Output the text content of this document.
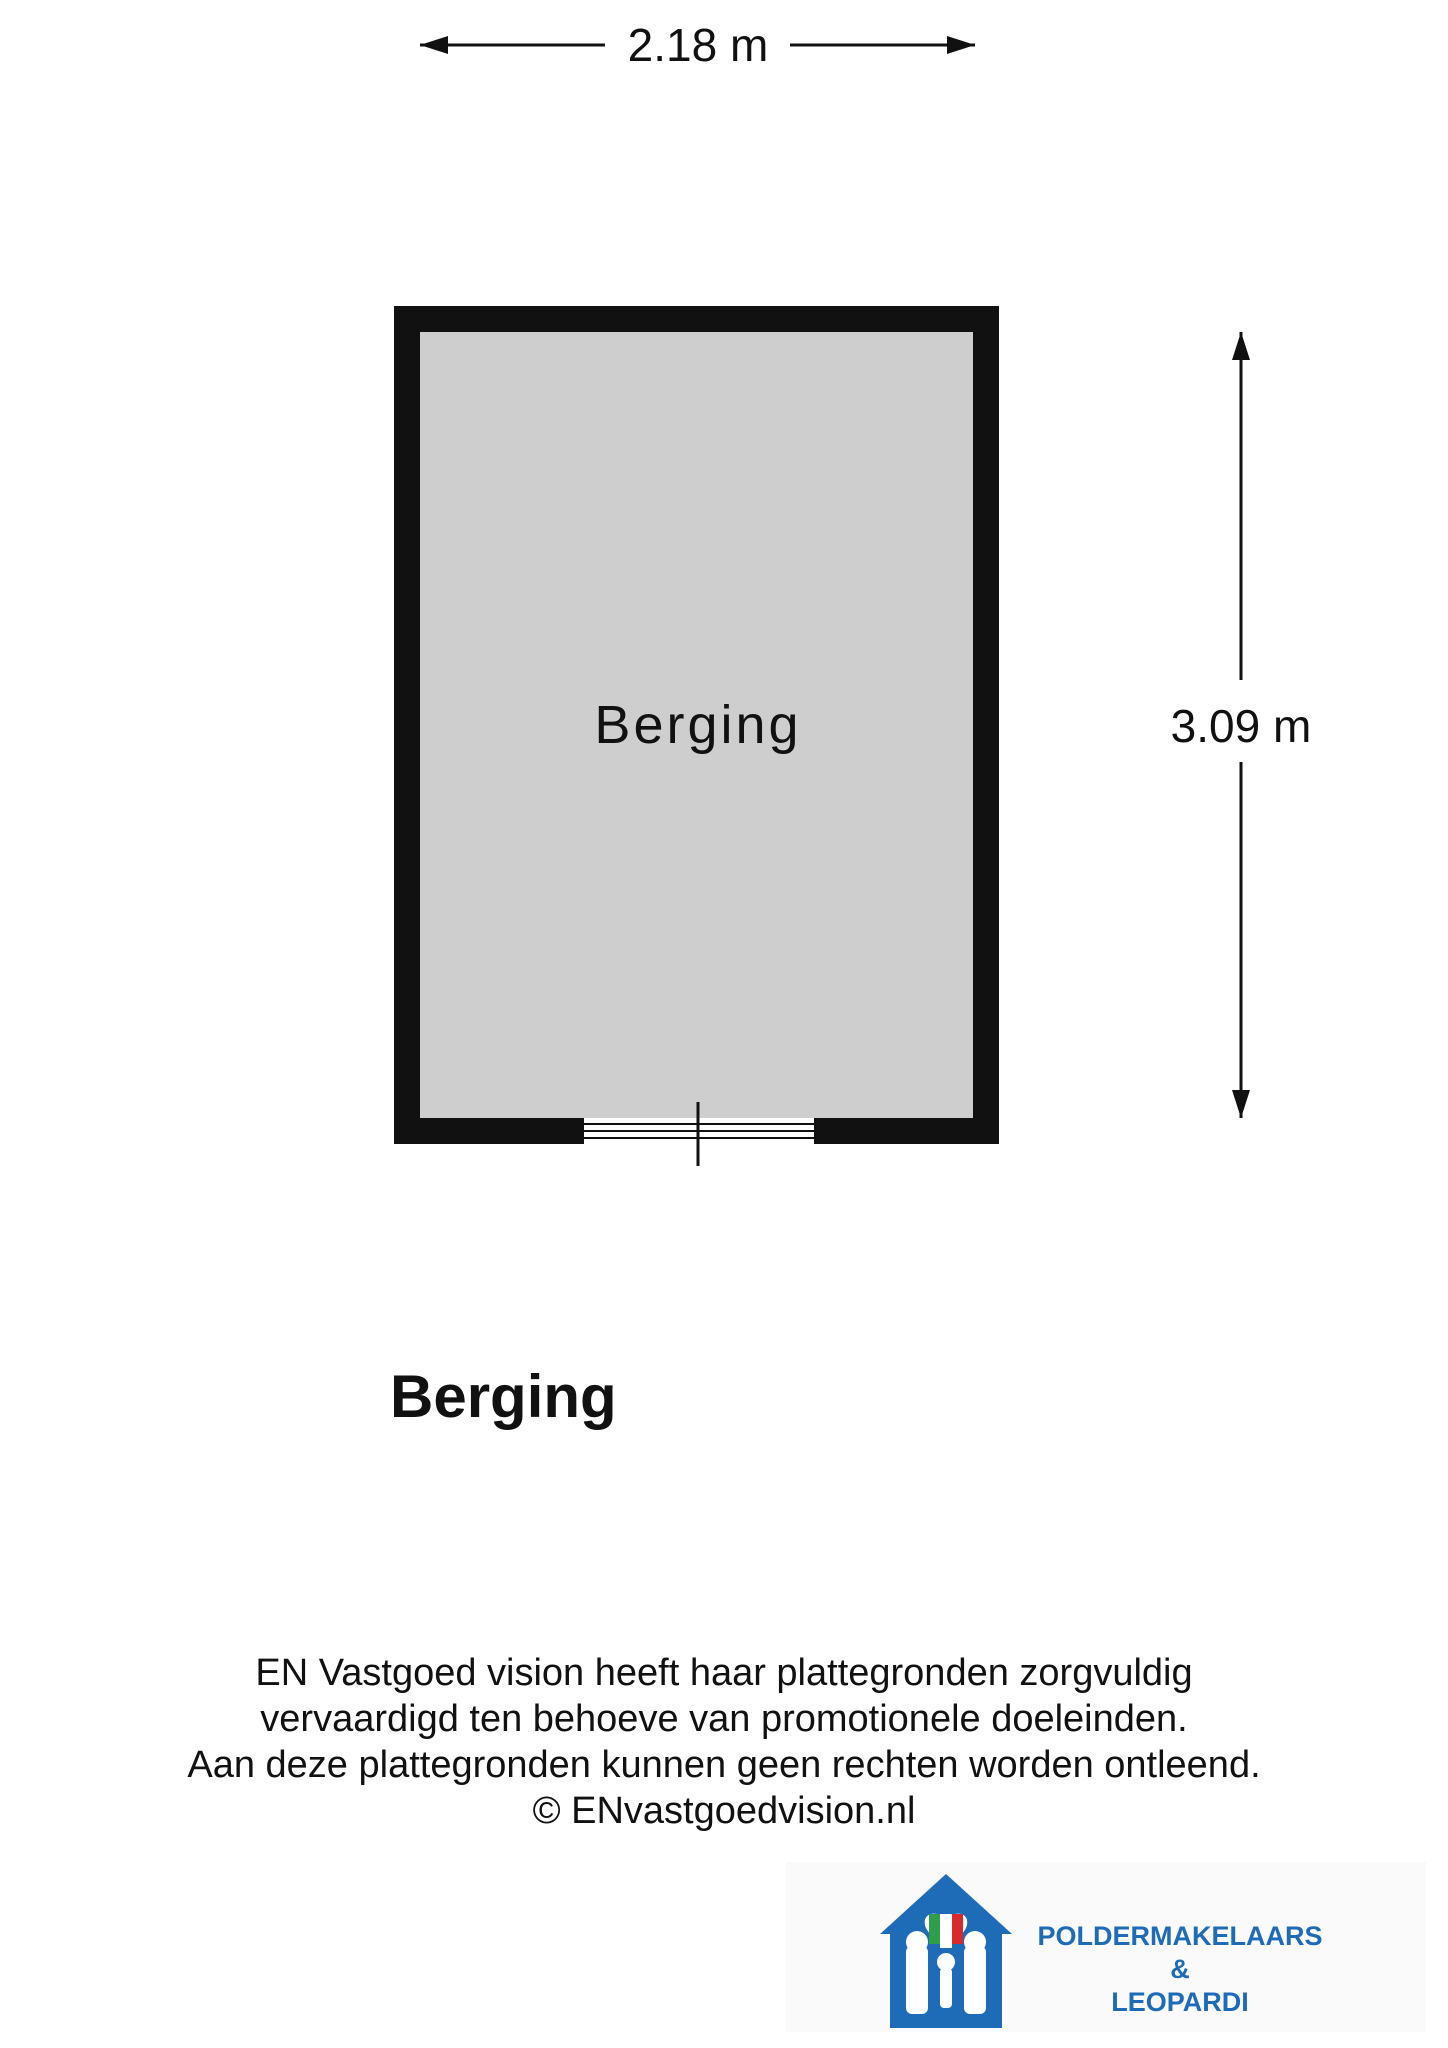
2.18 m
3.09 m
Berging
Berging
EN Vastgoed vision heeft haar plattegronden zorgvuldig
vervaardigd ten behoeve van promotionele doeleinden.
Aan deze plattegronden kunnen geen rechten worden ontleend.
© ENvastgoedvision.nl
POLDERMAKELAARS
&
LEOPARDI
